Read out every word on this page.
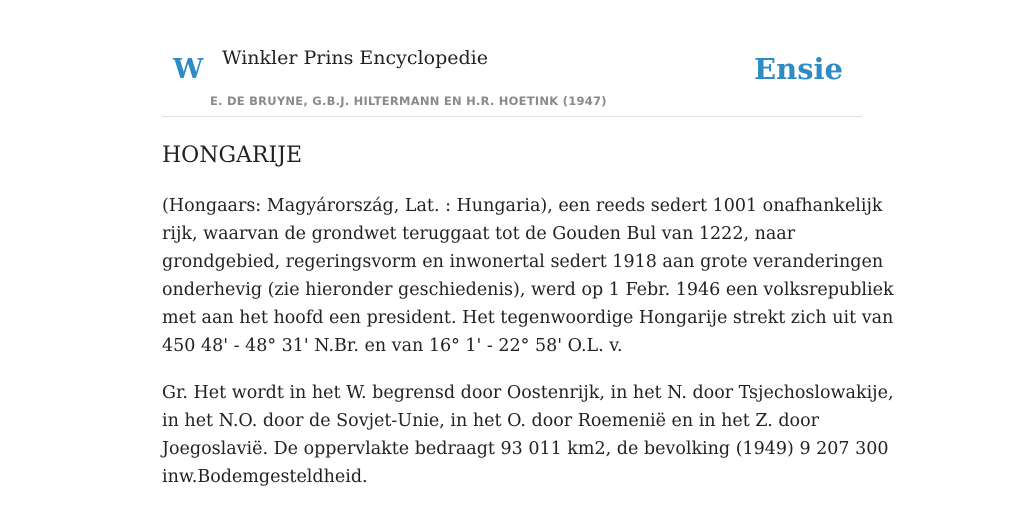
W Winkler Prins Encyclopedie
E. DE BRUYNE, G.B.J. HILTERMANN EN H.R. HOETINK (1947)
Ensie
HONGARIJE

(Hongaars: Magyárország, Lat. : Hungaria), een reeds sedert 1001 onafhankelijk
rijk, waarvan de grondwet teruggaat tot de Gouden Bul van 1222, naar
grondgebied, regeringsvorm en inwonertal sedert 1918 aan grote veranderingen
onderhevig (zie hieronder geschiedenis), werd op 1 Febr. 1946 een volksrepubliek
met aan het hoofd een president. Het tegenwoordige Hongarije strekt zich uit van
450 48' - 48° 31' N.Br. en van 16° 1' - 22° 58' O.L. v.

Gr. Het wordt in het W. begrensd door Oostenrijk, in het N. door Tsjechoslowakije,
in het N.O. door de Sovjet-Unie, in het O. door Roemenië en in het Z. door
Joegoslavië. De oppervlakte bedraagt 93 011 km2, de bevolking (1949) 9 207 300
inw.Bodemgesteldheid.
